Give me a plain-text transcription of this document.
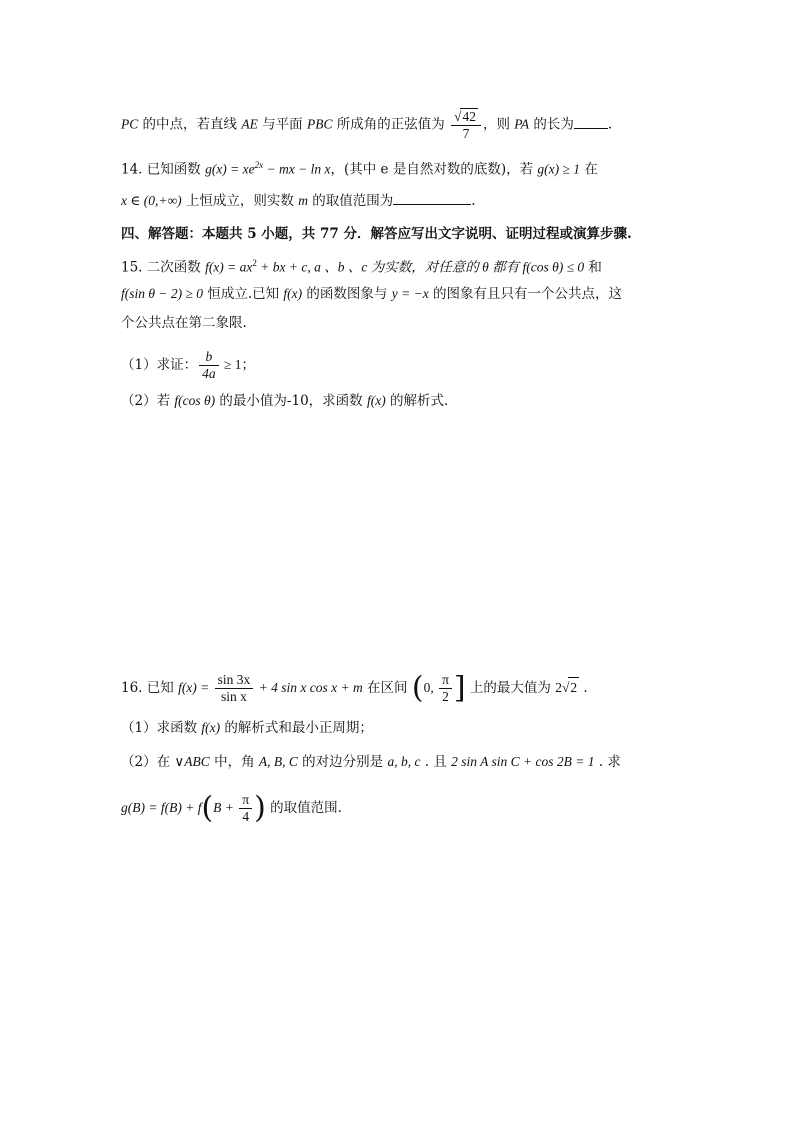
PC 的中点，若直线 AE 与平面 PBC 所成角的正弦值为 $\frac{√42}{7}$ ，则 PA 的长为	.
14. 已知函数 $g(x) = xe^{2x}$ − mx − ln x，(其中 e 是自然对数的底数)，若 g(x) ≥ 1 在
x ∈ (0,+∞) 上恒成立，则实数 m 的取值范围为	.
四、解答题：本题共 5 小题，共 77 分．解答应写出文字说明、证明过程或演算步骤.
15. 二次函数 $f(x) = ax^2$ + bx + c, a 、b 、c 为实数，对任意的 θ 都有 f(cos θ) ≤ 0 和
f(sin θ − 2) ≥ 0 恒成立.已知 f(x) 的函数图象与 y = −x 的图象有且只有一个公共点，这
个公共点在第二象限.
（1）求证： $\frac{b}{4a} \ge 1$；
（2）若 f(cos θ) 的最小值为-10，求函数 f(x) 的解析式.
16. 已知 $f(x) = \frac{\sin 3x}{\text{sin x}} + 4$ sin x cos x + m 在区间 (0, $\frac{\pi}{2}$ ] 上的最大值为 2√2 .
（1）求函数 f(x) 的解析式和最小正周期；
（2）在 ∨ABC 中，角 A, B, C 的对边分别是 a, b, c . 且 2 sin A sin C + cos 2B = 1 . 求
$g(B) = f(B) + f(B + \frac{\pi}{4}$ ) 的取值范围.
